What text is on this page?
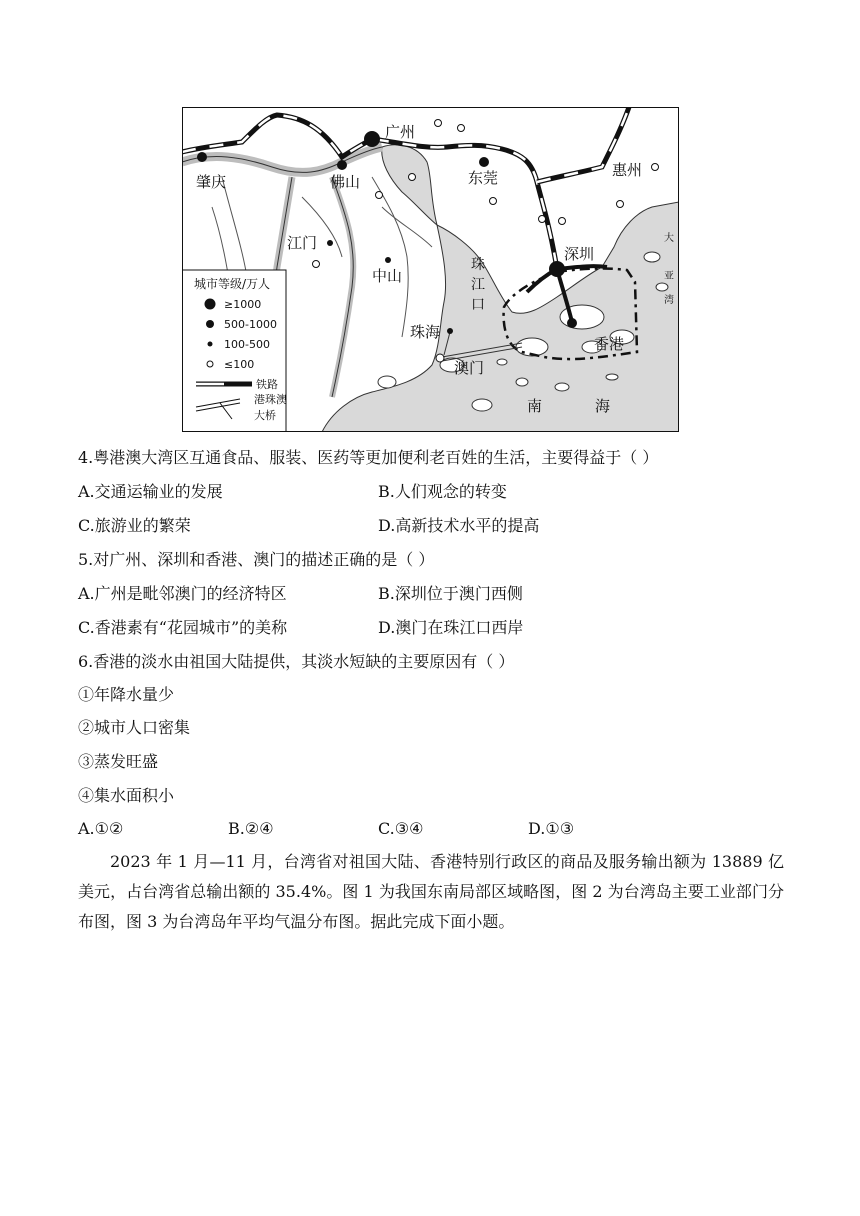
肇庆	佛山
广州
东莞	惠州
江门
中山
珠海
澳门
深圳
香港
珠
江
口
南	海
大
亚
湾
城市等级/万人
≥1000
500-1000
100-500
≤100
铁路
港珠澳
大桥
4.粤港澳大湾区互通食品、服装、医药等更加便利老百姓的生活，主要得益于（ ）
A.交通运输业的发展	B.人们观念的转变
C.旅游业的繁荣	D.高新技术水平的提高
5.对广州、深圳和香港、澳门的描述正确的是（ ）
A.广州是毗邻澳门的经济特区	B.深圳位于澳门西侧
C.香港素有“花园城市”的美称	D.澳门在珠江口西岸
6.香港的淡水由祖国大陆提供，其淡水短缺的主要原因有（ ）
①年降水量少
②城市人口密集
③蒸发旺盛
④集水面积小
A.①②	B.②④	C.③④	D.①③
2023 年 1 月—11 月，台湾省对祖国大陆、香港特别行政区的商品及服务输出额为 13889 亿美元，占台湾省总输出额的 35.4%。图 1 为我国东南局部区域略图，图 2 为台湾岛主要工业部门分布图，图 3 为台湾岛年平均气温分布图。据此完成下面小题。
